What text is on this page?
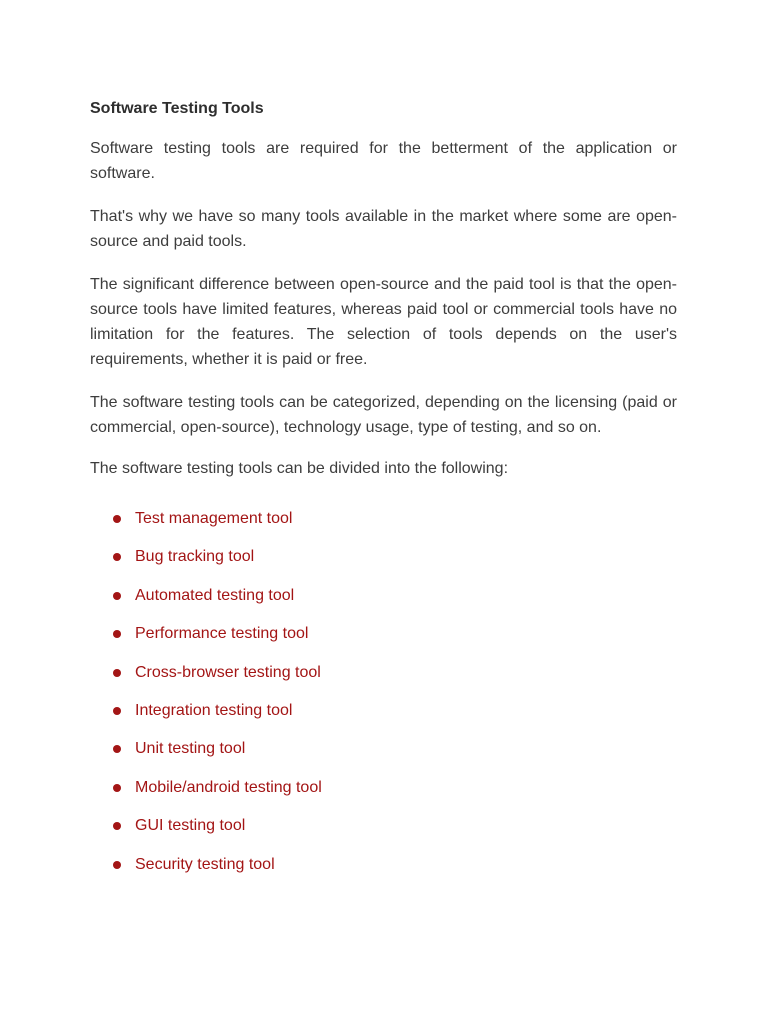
Software Testing Tools

Software testing tools are required for the betterment of the application or software.

That's why we have so many tools available in the market where some are open-source and paid tools.

The significant difference between open-source and the paid tool is that the open-source tools have limited features, whereas paid tool or commercial tools have no limitation for the features. The selection of tools depends on the user's requirements, whether it is paid or free.

The software testing tools can be categorized, depending on the licensing (paid or commercial, open-source), technology usage, type of testing, and so on.

The software testing tools can be divided into the following:

Test management tool
Bug tracking tool
Automated testing tool
Performance testing tool
Cross-browser testing tool
Integration testing tool
Unit testing tool
Mobile/android testing tool
GUI testing tool
Security testing tool
